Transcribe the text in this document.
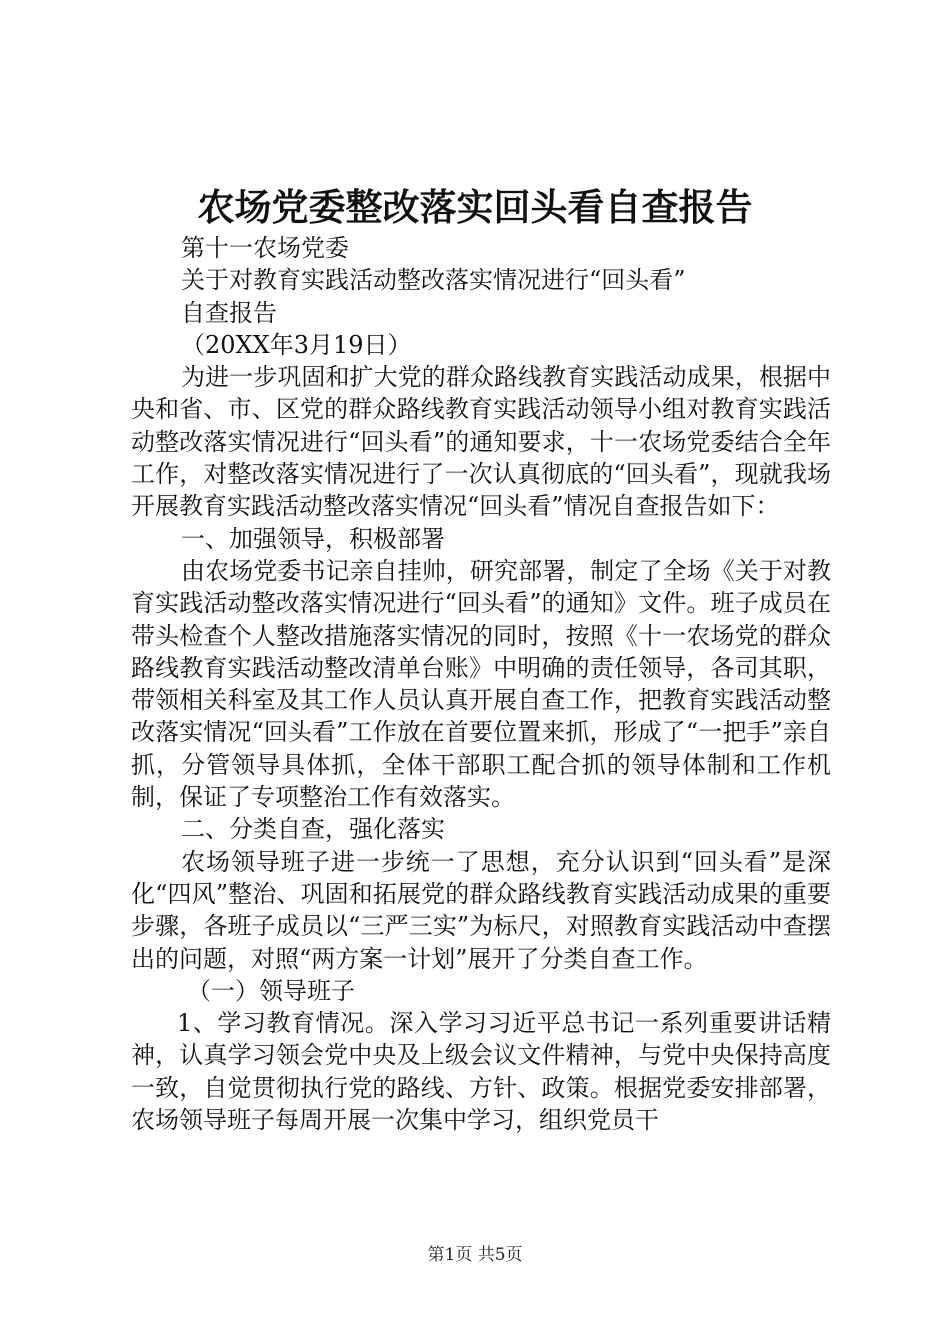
农场党委整改落实回头看自查报告
第十一农场党委
关于对教育实践活动整改落实情况进行“回头看”
自查报告
（20XX年3月19日）
为进一步巩固和扩大党的群众路线教育实践活动成果，根据中央和省、市、区党的群众路线教育实践活动领导小组对教育实践活动整改落实情况进行“回头看”的通知要求，十一农场党委结合全年工作，对整改落实情况进行了一次认真彻底的“回头看”，现就我场开展教育实践活动整改落实情况“回头看”情况自查报告如下：
一、加强领导，积极部署
由农场党委书记亲自挂帅，研究部署，制定了全场《关于对教育实践活动整改落实情况进行“回头看”的通知》文件。班子成员在带头检查个人整改措施落实情况的同时，按照《十一农场党的群众路线教育实践活动整改清单台账》中明确的责任领导，各司其职，带领相关科室及其工作人员认真开展自查工作，把教育实践活动整改落实情况“回头看”工作放在首要位置来抓，形成了“一把手”亲自抓，分管领导具体抓，全体干部职工配合抓的领导体制和工作机制，保证了专项整治工作有效落实。
二、分类自查，强化落实
农场领导班子进一步统一了思想，充分认识到“回头看”是深化“四风”整治、巩固和拓展党的群众路线教育实践活动成果的重要步骤，各班子成员以“三严三实”为标尺，对照教育实践活动中查摆出的问题，对照“两方案一计划”展开了分类自查工作。
（一）领导班子
1、学习教育情况。深入学习习近平总书记一系列重要讲话精神，认真学习领会党中央及上级会议文件精神，与党中央保持高度一致，自觉贯彻执行党的路线、方针、政策。根据党委安排部署，农场领导班子每周开展一次集中学习，组织党员干
第1页 共5页
